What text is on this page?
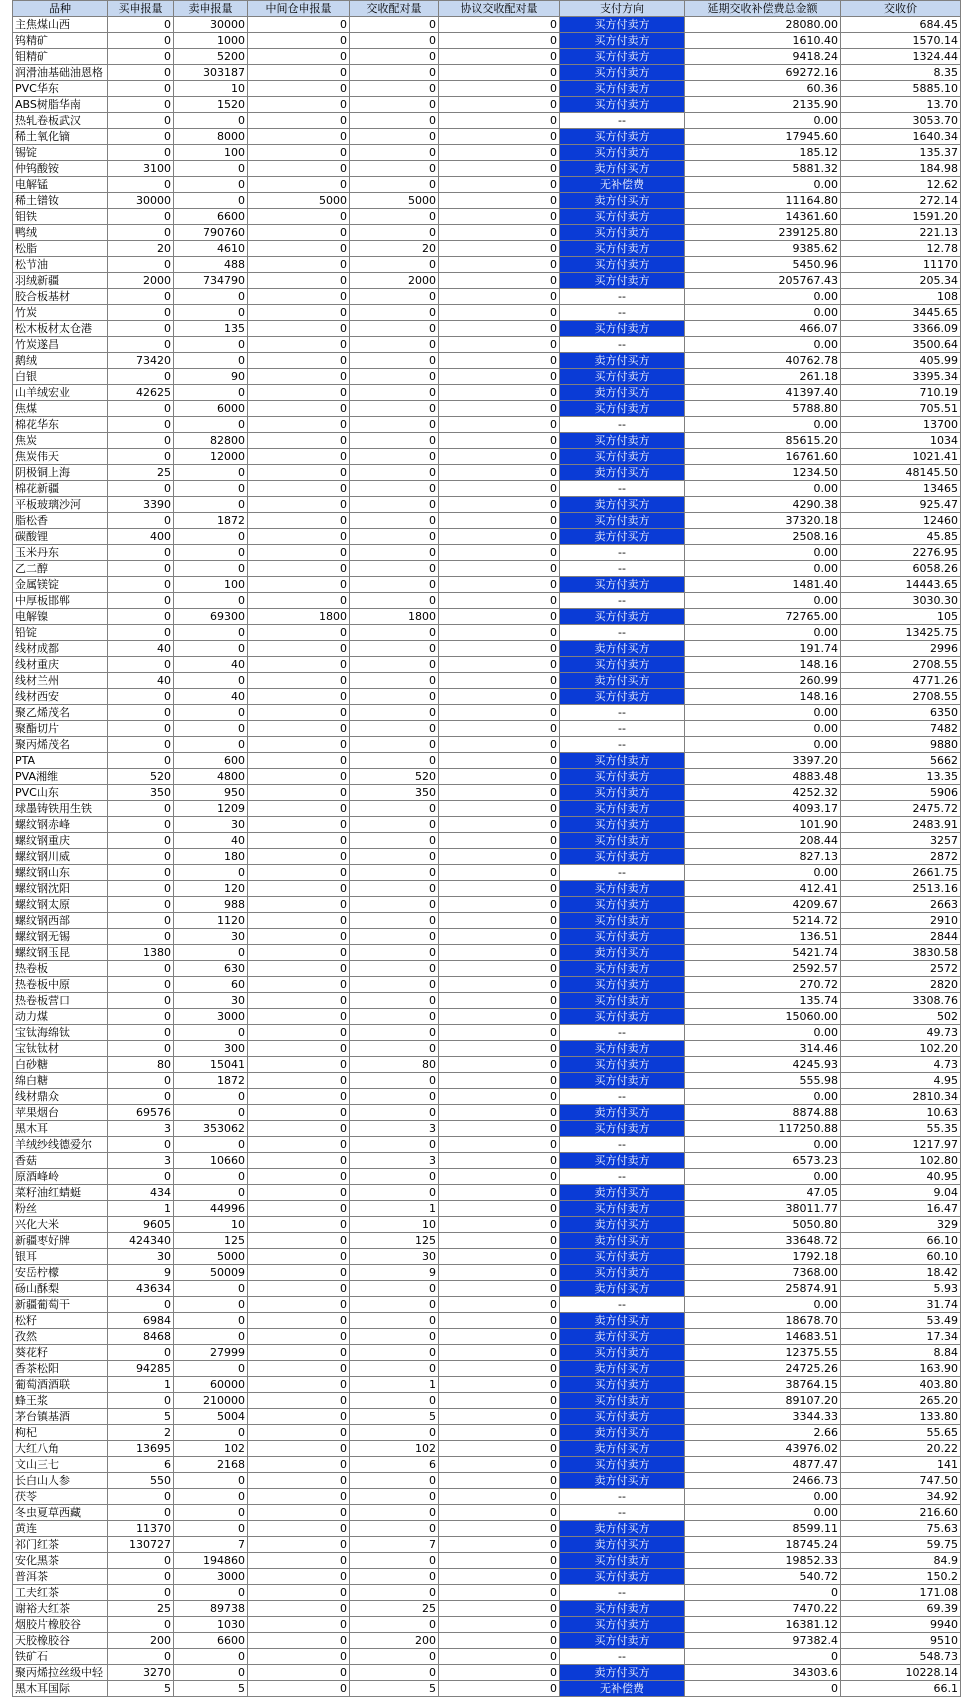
品种	买申报量	卖申报量	中间仓申报量	交收配对量	协议交收配对量	支付方向	延期交收补偿费总金额	交收价
主焦煤山西	0	30000	0	0	0	买方付卖方	28080.00	684.45
钨精矿	0	1000	0	0	0	买方付卖方	1610.40	1570.14
钼精矿	0	5200	0	0	0	买方付卖方	9418.24	1324.44
润滑油基础油恩格	0	303187	0	0	0	买方付卖方	69272.16	8.35
PVC华东	0	10	0	0	0	买方付卖方	60.36	5885.10
ABS树脂华南	0	1520	0	0	0	买方付卖方	2135.90	13.70
热轧卷板武汉	0	0	0	0	0	--	0.00	3053.70
稀土氧化镝	0	8000	0	0	0	买方付卖方	17945.60	1640.34
锡锭	0	100	0	0	0	买方付卖方	185.12	135.37
仲钨酸铵	3100	0	0	0	0	卖方付买方	5881.32	184.98
电解锰	0	0	0	0	0	无补偿费	0.00	12.62
稀土镨钕	30000	0	5000	5000	0	卖方付买方	11164.80	272.14
钼铁	0	6600	0	0	0	买方付卖方	14361.60	1591.20
鸭绒	0	790760	0	0	0	买方付卖方	239125.80	221.13
松脂	20	4610	0	20	0	买方付卖方	9385.62	12.78
松节油	0	488	0	0	0	买方付卖方	5450.96	11170
羽绒新疆	2000	734790	0	2000	0	买方付卖方	205767.43	205.34
胶合板基材	0	0	0	0	0	--	0.00	108
竹炭	0	0	0	0	0	--	0.00	3445.65
松木板材太仓港	0	135	0	0	0	买方付卖方	466.07	3366.09
竹炭遂昌	0	0	0	0	0	--	0.00	3500.64
鹅绒	73420	0	0	0	0	卖方付买方	40762.78	405.99
白银	0	90	0	0	0	买方付卖方	261.18	3395.34
山羊绒宏业	42625	0	0	0	0	卖方付买方	41397.40	710.19
焦煤	0	6000	0	0	0	买方付卖方	5788.80	705.51
棉花华东	0	0	0	0	0	--	0.00	13700
焦炭	0	82800	0	0	0	买方付卖方	85615.20	1034
焦炭伟天	0	12000	0	0	0	买方付卖方	16761.60	1021.41
阴极铜上海	25	0	0	0	0	卖方付买方	1234.50	48145.50
棉花新疆	0	0	0	0	0	--	0.00	13465
平板玻璃沙河	3390	0	0	0	0	卖方付买方	4290.38	925.47
脂松香	0	1872	0	0	0	买方付卖方	37320.18	12460
碳酸锂	400	0	0	0	0	卖方付买方	2508.16	45.85
玉米丹东	0	0	0	0	0	--	0.00	2276.95
乙二醇	0	0	0	0	0	--	0.00	6058.26
金属镁锭	0	100	0	0	0	买方付卖方	1481.40	14443.65
中厚板邯郸	0	0	0	0	0	--	0.00	3030.30
电解镍	0	69300	1800	1800	0	买方付卖方	72765.00	105
铅锭	0	0	0	0	0	--	0.00	13425.75
线材成都	40	0	0	0	0	卖方付买方	191.74	2996
线材重庆	0	40	0	0	0	买方付卖方	148.16	2708.55
线材兰州	40	0	0	0	0	卖方付买方	260.99	4771.26
线材西安	0	40	0	0	0	买方付卖方	148.16	2708.55
聚乙烯茂名	0	0	0	0	0	--	0.00	6350
聚酯切片	0	0	0	0	0	--	0.00	7482
聚丙烯茂名	0	0	0	0	0	--	0.00	9880
PTA	0	600	0	0	0	买方付卖方	3397.20	5662
PVA湘维	520	4800	0	520	0	买方付卖方	4883.48	13.35
PVC山东	350	950	0	350	0	买方付卖方	4252.32	5906
球墨铸铁用生铁	0	1209	0	0	0	买方付卖方	4093.17	2475.72
螺纹钢赤峰	0	30	0	0	0	买方付卖方	101.90	2483.91
螺纹钢重庆	0	40	0	0	0	买方付卖方	208.44	3257
螺纹钢川威	0	180	0	0	0	买方付卖方	827.13	2872
螺纹钢山东	0	0	0	0	0	--	0.00	2661.75
螺纹钢沈阳	0	120	0	0	0	买方付卖方	412.41	2513.16
螺纹钢太原	0	988	0	0	0	买方付卖方	4209.67	2663
螺纹钢西部	0	1120	0	0	0	买方付卖方	5214.72	2910
螺纹钢无锡	0	30	0	0	0	买方付卖方	136.51	2844
螺纹钢玉昆	1380	0	0	0	0	卖方付买方	5421.74	3830.58
热卷板	0	630	0	0	0	买方付卖方	2592.57	2572
热卷板中原	0	60	0	0	0	买方付卖方	270.72	2820
热卷板营口	0	30	0	0	0	买方付卖方	135.74	3308.76
动力煤	0	3000	0	0	0	买方付卖方	15060.00	502
宝钛海绵钛	0	0	0	0	0	--	0.00	49.73
宝钛钛材	0	300	0	0	0	买方付卖方	314.46	102.20
白砂糖	80	15041	0	80	0	买方付卖方	4245.93	4.73
绵白糖	0	1872	0	0	0	买方付卖方	555.98	4.95
线材鼎众	0	0	0	0	0	--	0.00	2810.34
苹果烟台	69576	0	0	0	0	卖方付买方	8874.88	10.63
黑木耳	3	353062	0	3	0	买方付卖方	117250.88	55.35
羊绒纱线德爱尔	0	0	0	0	0	--	0.00	1217.97
香菇	3	10660	0	3	0	买方付卖方	6573.23	102.80
原酒峰岭	0	0	0	0	0	--	0.00	40.95
菜籽油红蜻蜓	434	0	0	0	0	卖方付买方	47.05	9.04
粉丝	1	44996	0	1	0	买方付卖方	38011.77	16.47
兴化大米	9605	10	0	10	0	卖方付买方	5050.80	329
新疆枣好牌	424340	125	0	125	0	卖方付买方	33648.72	66.10
银耳	30	5000	0	30	0	买方付卖方	1792.18	60.10
安岳柠檬	9	50009	0	9	0	买方付卖方	7368.00	18.42
砀山酥梨	43634	0	0	0	0	卖方付买方	25874.91	5.93
新疆葡萄干	0	0	0	0	0	--	0.00	31.74
松籽	6984	0	0	0	0	卖方付买方	18678.70	53.49
孜然	8468	0	0	0	0	卖方付买方	14683.51	17.34
葵花籽	0	27999	0	0	0	买方付卖方	12375.55	8.84
香茶松阳	94285	0	0	0	0	卖方付买方	24725.26	163.90
葡萄酒酒联	1	60000	0	1	0	买方付卖方	38764.15	403.80
蜂王浆	0	210000	0	0	0	买方付卖方	89107.20	265.20
茅台镇基酒	5	5004	0	5	0	买方付卖方	3344.33	133.80
枸杞	2	0	0	0	0	卖方付买方	2.66	55.65
大红八角	13695	102	0	102	0	卖方付买方	43976.02	20.22
文山三七	6	2168	0	6	0	买方付卖方	4877.47	141
长白山人参	550	0	0	0	0	卖方付买方	2466.73	747.50
茯苓	0	0	0	0	0	--	0.00	34.92
冬虫夏草西藏	0	0	0	0	0	--	0.00	216.60
黄连	11370	0	0	0	0	卖方付买方	8599.11	75.63
祁门红茶	130727	7	0	7	0	卖方付买方	18745.24	59.75
安化黑茶	0	194860	0	0	0	买方付卖方	19852.33	84.9
普洱茶	0	3000	0	0	0	买方付卖方	540.72	150.2
工夫红茶	0	0	0	0	0	--	0	171.08
谢裕大红茶	25	89738	0	25	0	买方付卖方	7470.22	69.39
烟胶片橡胶谷	0	1030	0	0	0	买方付卖方	16381.12	9940
天胶橡胶谷	200	6600	0	200	0	买方付卖方	97382.4	9510
铁矿石	0	0	0	0	0	--	0	548.73
聚丙烯拉丝级中轻	3270	0	0	0	0	卖方付买方	34303.6	10228.14
黑木耳国际	5	5	0	5	0	无补偿费	0	66.1
